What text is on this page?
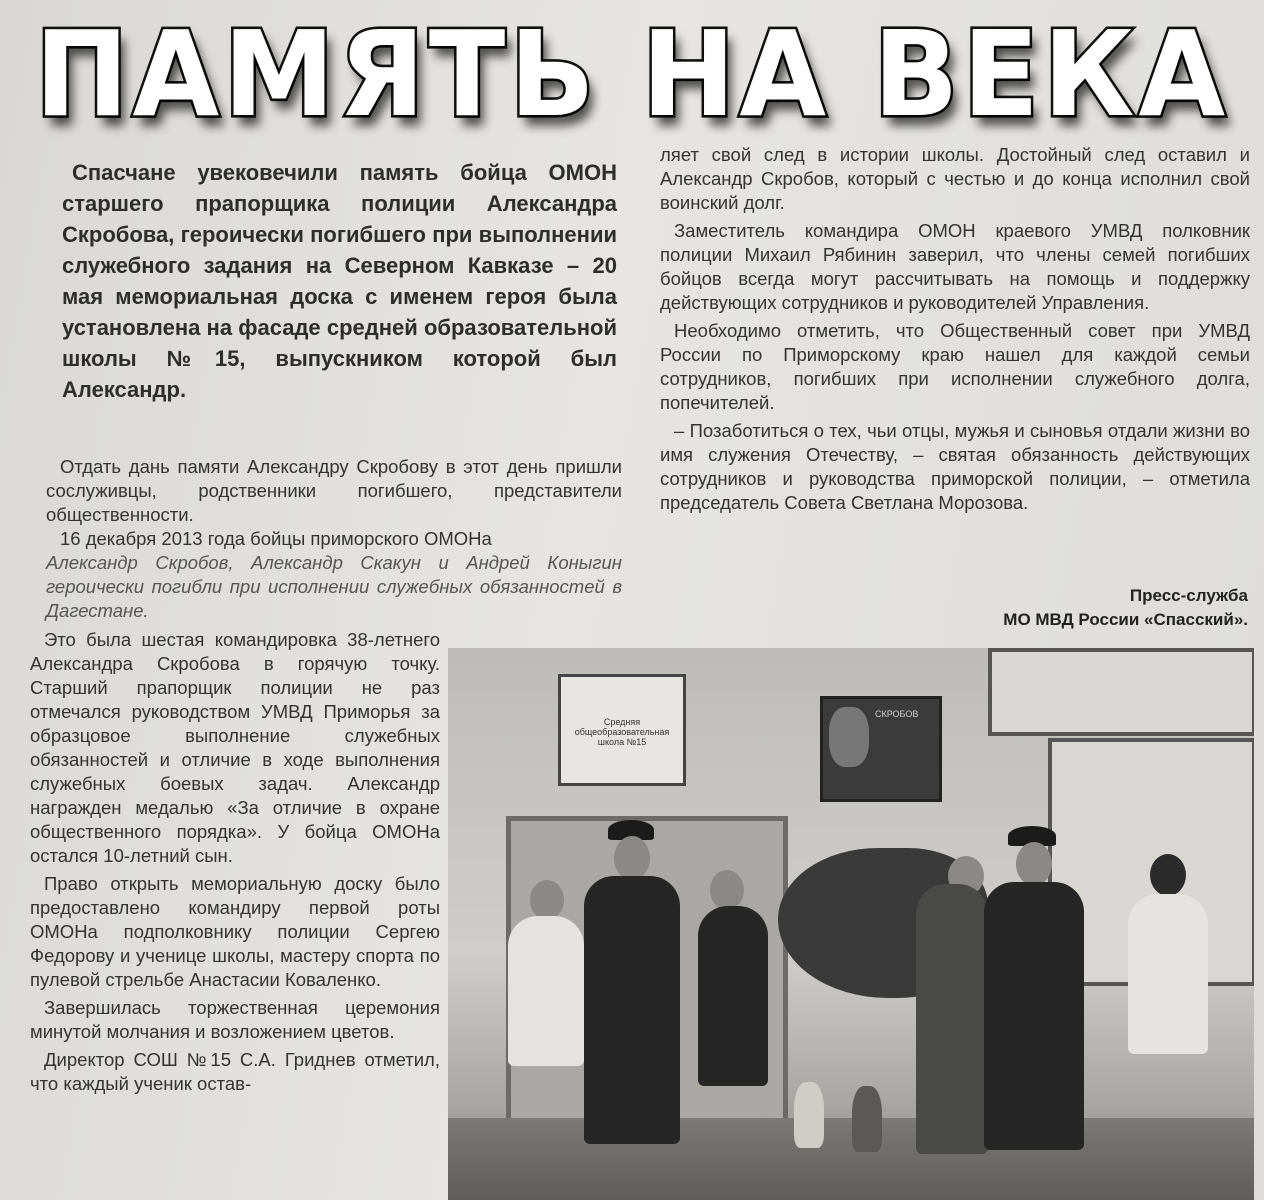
ПАМЯТЬ НА ВЕКА
Спасчане увековечили память бойца ОМОН старшего прапорщика полиции Александра Скробова, героически погибшего при выполнении служебного задания на Северном Кавказе – 20 мая мемориальная доска с именем героя была установлена на фасаде средней образовательной школы №15, выпускником которой был Александр.

Отдать дань памяти Александру Скробову в этот день пришли сослуживцы, родственники погибшего, представители общественности.

16 декабря 2013 года бойцы приморского ОМОНа

Александр Скробов, Александр Скакун и Андрей Коныгин героически погибли при исполнении служебных обязанностей в Дагестане.

Это была шестая командировка 38-летнего Александра Скробова в горячую точку. Старший прапорщик полиции не раз отмечался руководством УМВД Приморья за образцовое выполнение служебных обязанностей и отличие в ходе выполнения служебных боевых задач. Александр награжден медалью «За отличие в охране общественного порядка». У бойца ОМОНа остался 10-летний сын.

Право открыть мемориальную доску было предоставлено командиру первой роты ОМОНа подполковнику полиции Сергею Федорову и ученице школы, мастеру спорта по пулевой стрельбе Анастасии Коваленко.

Завершилась торжественная церемония минутой молчания и возложением цветов.

Директор СОШ №15 С.А. Гриднев отметил, что каждый ученик остав-

ляет свой след в истории школы. Достойный след оставил и Александр Скробов, который с честью и до конца исполнил свой воинский долг.

Заместитель командира ОМОН краевого УМВД полковник полиции Михаил Рябинин заверил, что члены семей погибших бойцов всегда могут рассчитывать на помощь и поддержку действующих сотрудников и руководителей Управления.

Необходимо отметить, что Общественный совет при УМВД России по Приморскому краю нашел для каждой семьи сотрудников, погибших при исполнении служебного долга, попечителей.

– Позаботиться о тех, чьи отцы, мужья и сыновья отдали жизни во имя служения Отечеству, – святая обязанность действующих сотрудников и руководства приморской полиции, – отметила председатель Совета Светлана Морозова.

Пресс-служба
МО МВД России «Спасский».
Средняя общеобразовательная школа №15
СКРОБОВ
